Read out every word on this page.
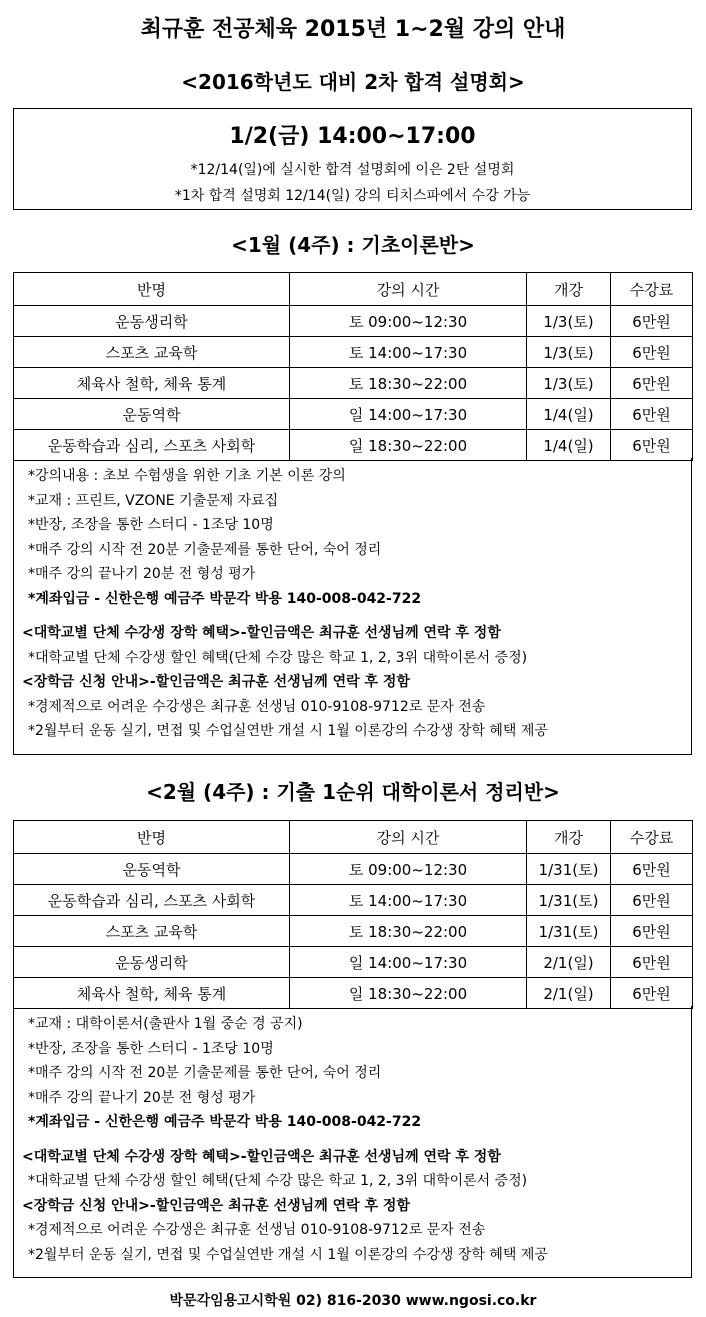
최규훈 전공체육 2015년 1~2월 강의 안내
<2016학년도 대비 2차 합격 설명회>
1/2(금) 14:00~17:00
*12/14(일)에 실시한 합격 설명회에 이은 2탄 설명회
*1차 합격 설명회 12/14(일) 강의 티치스파에서 수강 가능
<1월 (4주) : 기초이론반>
반명	강의 시간	개강	수강료
운동생리학	토 09:00~12:30	1/3(토)	6만원
스포츠 교육학	토 14:00~17:30	1/3(토)	6만원
체육사 철학, 체육 통계	토 18:30~22:00	1/3(토)	6만원
운동역학	일 14:00~17:30	1/4(일)	6만원
운동학습과 심리, 스포츠 사회학	일 18:30~22:00	1/4(일)	6만원
*강의내용 : 초보 수험생을 위한 기초 기본 이론 강의
*교재 : 프린트, VZONE 기출문제 자료집
*반장, 조장을 통한 스터디 - 1조당 10명
*매주 강의 시작 전 20분 기출문제를 통한 단어, 숙어 정리
*매주 강의 끝나기 20분 전 형성 평가
*계좌입금 - 신한은행 예금주 박문각 박용 140-008-042-722
<대학교별 단체 수강생 장학 혜택>-할인금액은 최규훈 선생님께 연락 후 정함
*대학교별 단체 수강생 할인 혜택(단체 수강 많은 학교 1, 2, 3위 대학이론서 증정)
<장학금 신청 안내>-할인금액은 최규훈 선생님께 연락 후 정함
*경제적으로 어려운 수강생은 최규훈 선생님 010-9108-9712로 문자 전송
*2월부터 운동 실기, 면접 및 수업실연반 개설 시 1월 이론강의 수강생 장학 혜택 제공
<2월 (4주) : 기출 1순위 대학이론서 정리반>
반명	강의 시간	개강	수강료
운동역학	토 09:00~12:30	1/31(토)	6만원
운동학습과 심리, 스포츠 사회학	토 14:00~17:30	1/31(토)	6만원
스포츠 교육학	토 18:30~22:00	1/31(토)	6만원
운동생리학	일 14:00~17:30	2/1(일)	6만원
체육사 철학, 체육 통계	일 18:30~22:00	2/1(일)	6만원
*교재 : 대학이론서(출판사 1월 중순 경 공지)
*반장, 조장을 통한 스터디 - 1조당 10명
*매주 강의 시작 전 20분 기출문제를 통한 단어, 숙어 정리
*매주 강의 끝나기 20분 전 형성 평가
*계좌입금 - 신한은행 예금주 박문각 박용 140-008-042-722
<대학교별 단체 수강생 장학 혜택>-할인금액은 최규훈 선생님께 연락 후 정함
*대학교별 단체 수강생 할인 혜택(단체 수강 많은 학교 1, 2, 3위 대학이론서 증정)
<장학금 신청 안내>-할인금액은 최규훈 선생님께 연락 후 정함
*경제적으로 어려운 수강생은 최규훈 선생님 010-9108-9712로 문자 전송
*2월부터 운동 실기, 면접 및 수업실연반 개설 시 1월 이론강의 수강생 장학 혜택 제공
박문각임용고시학원 02) 816-2030 www.ngosi.co.kr
